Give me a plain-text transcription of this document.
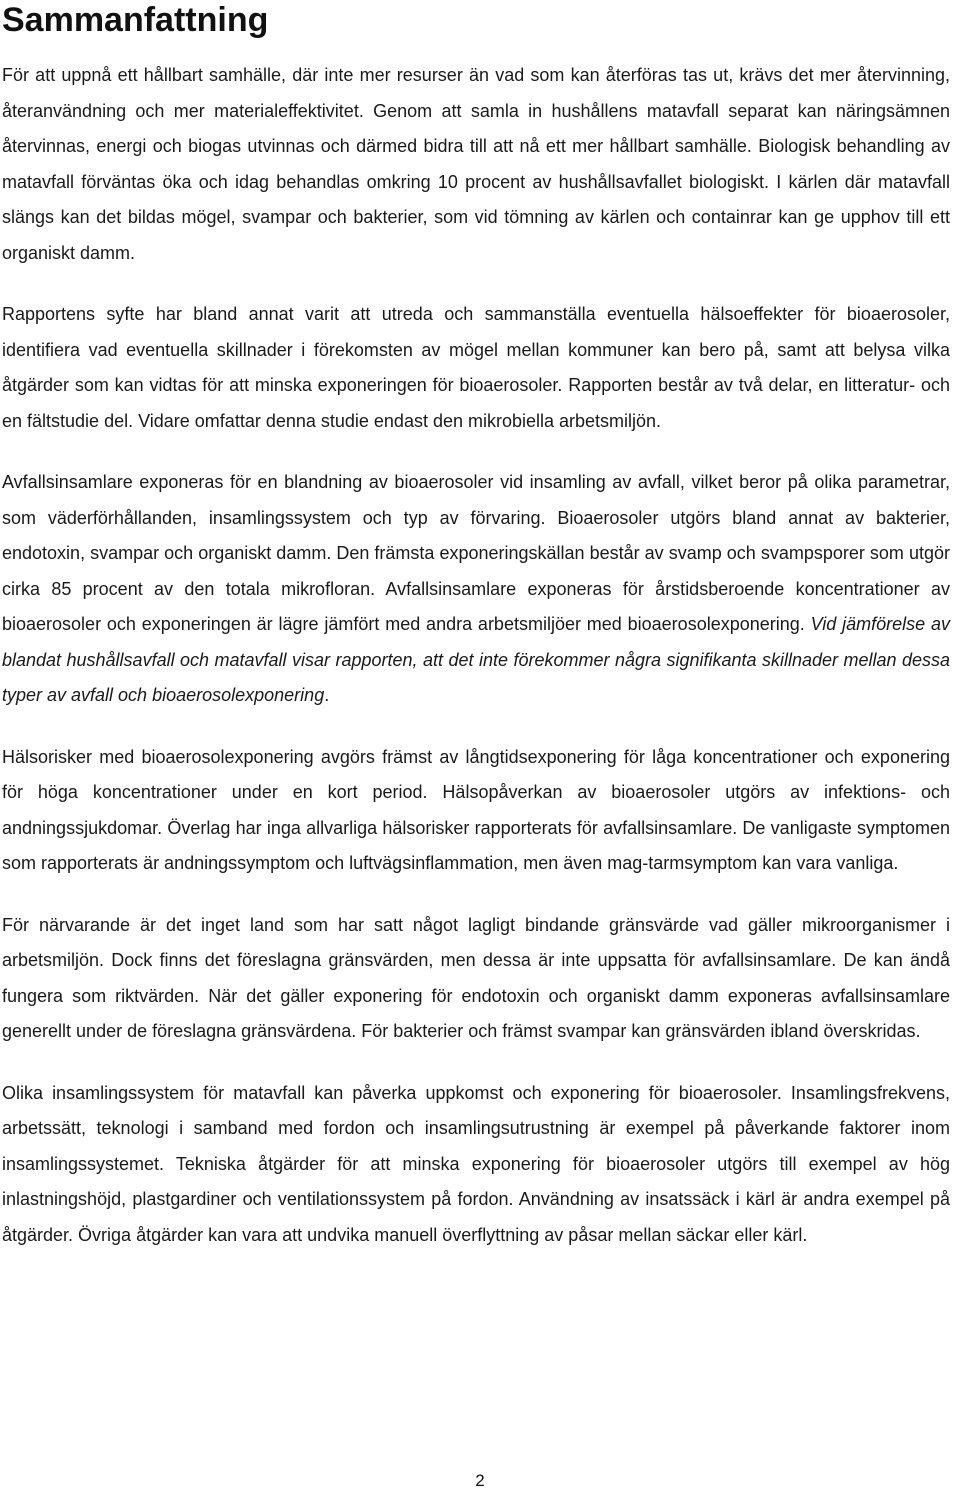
Sammanfattning

För att uppnå ett hållbart samhälle, där inte mer resurser än vad som kan återföras tas ut, krävs det mer återvinning, återanvändning och mer materialeffektivitet. Genom att samla in hushållens matavfall separat kan näringsämnen återvinnas, energi och biogas utvinnas och därmed bidra till att nå ett mer hållbart samhälle. Biologisk behandling av matavfall förväntas öka och idag behandlas omkring 10 procent av hushållsavfallet biologiskt. I kärlen där matavfall slängs kan det bildas mögel, svampar och bakterier, som vid tömning av kärlen och containrar kan ge upphov till ett organiskt damm.

Rapportens syfte har bland annat varit att utreda och sammanställa eventuella hälsoeffekter för bioaerosoler, identifiera vad eventuella skillnader i förekomsten av mögel mellan kommuner kan bero på, samt att belysa vilka åtgärder som kan vidtas för att minska exponeringen för bioaerosoler. Rapporten består av två delar, en litteratur- och en fältstudie del. Vidare omfattar denna studie endast den mikrobiella arbetsmiljön.

Avfallsinsamlare exponeras för en blandning av bioaerosoler vid insamling av avfall, vilket beror på olika parametrar, som väderförhållanden, insamlingssystem och typ av förvaring. Bioaerosoler utgörs bland annat av bakterier, endotoxin, svampar och organiskt damm. Den främsta exponeringskällan består av svamp och svampsporer som utgör cirka 85 procent av den totala mikrofloran. Avfallsinsamlare exponeras för årstidsberoende koncentrationer av bioaerosoler och exponeringen är lägre jämfört med andra arbetsmiljöer med bioaerosolexponering. Vid jämförelse av blandat hushållsavfall och matavfall visar rapporten, att det inte förekommer några signifikanta skillnader mellan dessa typer av avfall och bioaerosolexponering.

Hälsorisker med bioaerosolexponering avgörs främst av långtidsexponering för låga koncentrationer och exponering för höga koncentrationer under en kort period. Hälsopåverkan av bioaerosoler utgörs av infektions- och andningssjukdomar. Överlag har inga allvarliga hälsorisker rapporterats för avfallsinsamlare. De vanligaste symptomen som rapporterats är andningssymptom och luftvägsinflammation, men även mag-tarmsymptom kan vara vanliga.

För närvarande är det inget land som har satt något lagligt bindande gränsvärde vad gäller mikroorganismer i arbetsmiljön. Dock finns det föreslagna gränsvärden, men dessa är inte uppsatta för avfallsinsamlare. De kan ändå fungera som riktvärden. När det gäller exponering för endotoxin och organiskt damm exponeras avfallsinsamlare generellt under de föreslagna gränsvärdena. För bakterier och främst svampar kan gränsvärden ibland överskridas.

Olika insamlingssystem för matavfall kan påverka uppkomst och exponering för bioaerosoler. Insamlingsfrekvens, arbetssätt, teknologi i samband med fordon och insamlingsutrustning är exempel på påverkande faktorer inom insamlingssystemet. Tekniska åtgärder för att minska exponering för bioaerosoler utgörs till exempel av hög inlastningshöjd, plastgardiner och ventilationssystem på fordon. Användning av insatssäck i kärl är andra exempel på åtgärder. Övriga åtgärder kan vara att undvika manuell överflyttning av påsar mellan säckar eller kärl.

2
